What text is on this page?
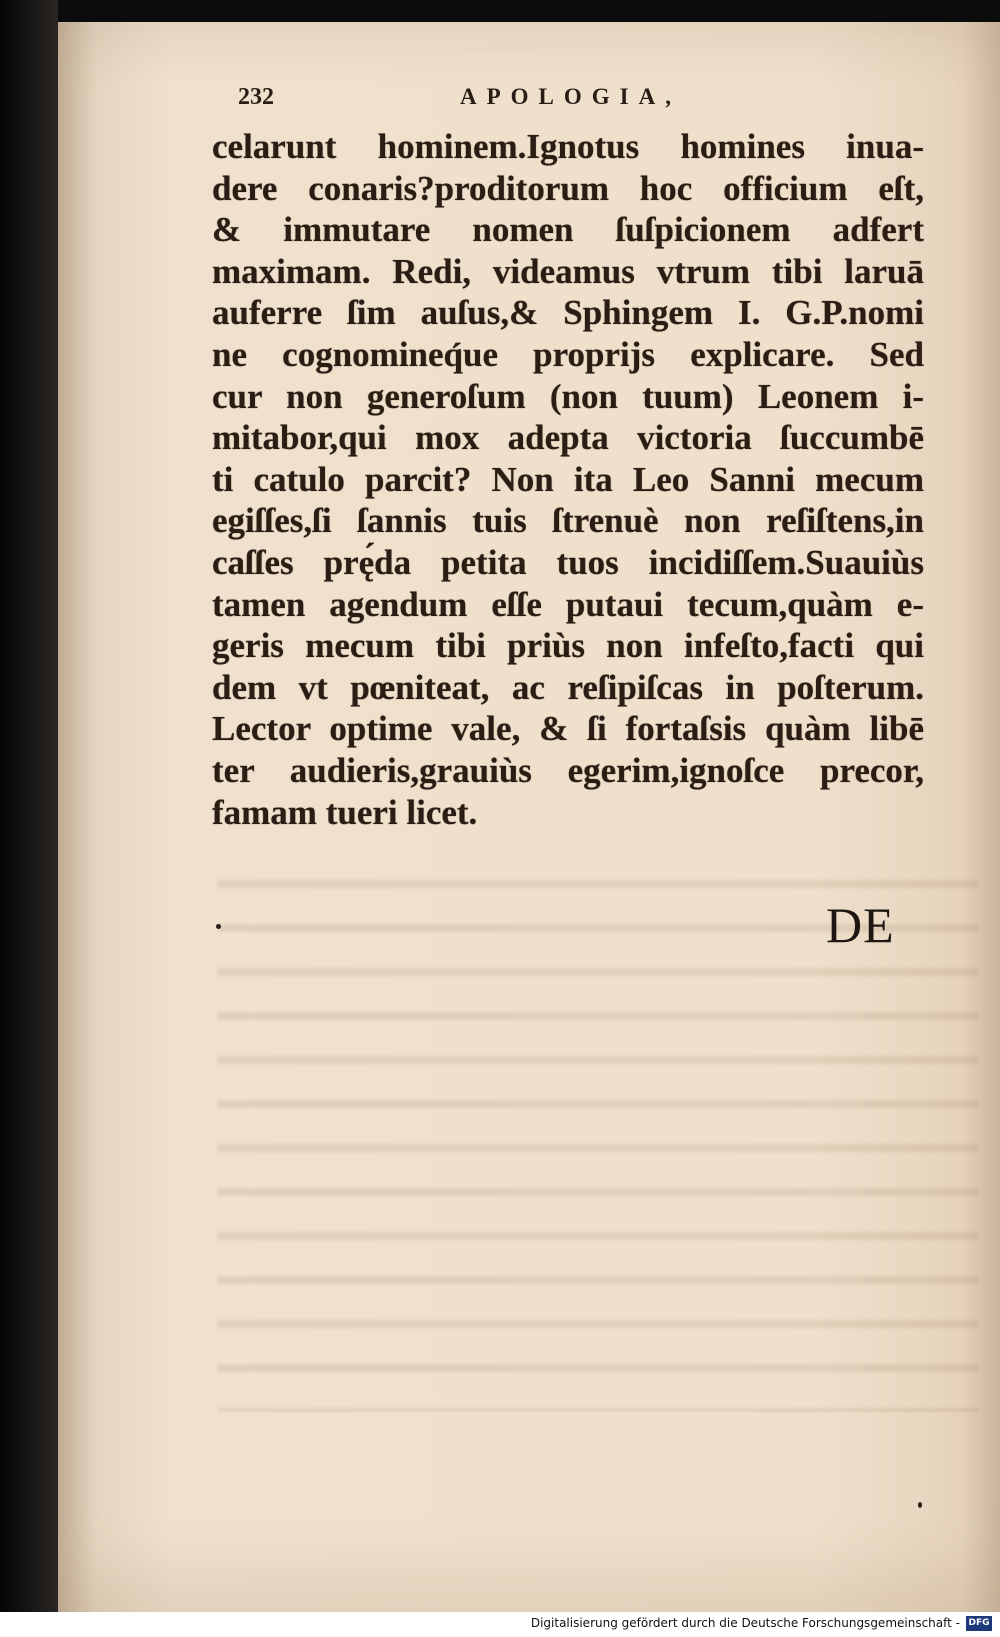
232	APOLOGIA,
celarunt hominem.Ignotus homines inua-
dere conaris?proditorum hoc officium eſt,
& immutare nomen ſuſpicionem adfert
maximam. Redi, videamus vtrum tibi laruā
auferre ſim auſus,& Sphingem I. G.P.nomi
ne cognomineq́ue proprijs explicare. Sed
cur non generoſum (non tuum) Leonem i-
mitabor,qui mox adepta victoria ſuccumbē
ti catulo parcit? Non ita Leo Sanni mecum
egiſſes,ſi ſannis tuis ſtrenuè non reſiſtens,in
caſſes prę́da petita tuos incidiſſem.Suauiùs
tamen agendum eſſe putaui tecum,quàm e-
geris mecum tibi priùs non infeſto,facti qui
dem vt pœniteat, ac reſipiſcas in poſterum.
Lector optime vale, & ſi fortaſsis quàm libē
ter audieris,grauiùs egerim,ignoſce precor,
famam tueri licet.
DE
Digitalisierung gefördert durch die Deutsche Forschungsgemeinschaft - DFG
